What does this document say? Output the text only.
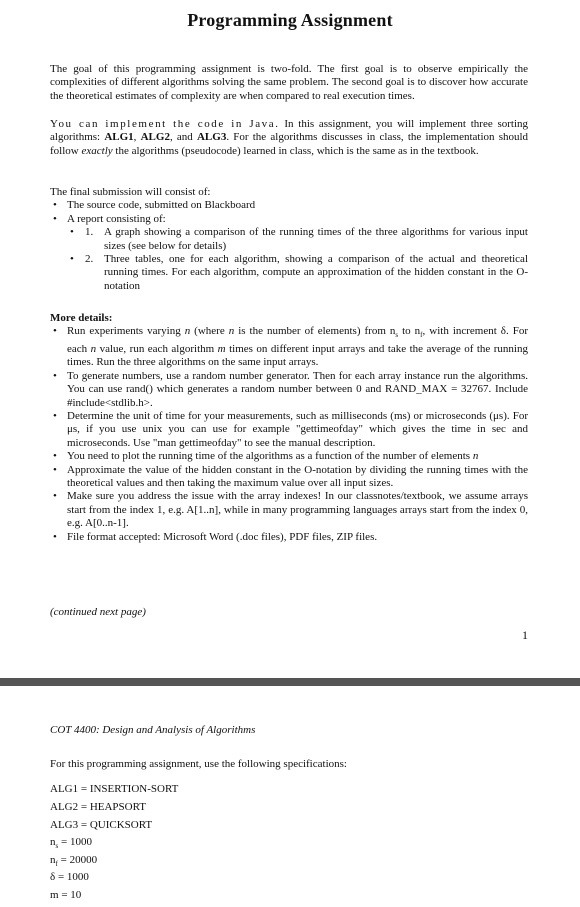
Programming Assignment

The goal of this programming assignment is two-fold. The first goal is to observe empirically the complexities of different algorithms solving the same problem. The second goal is to discover how accurate the theoretical estimates of complexity are when compared to real execution times.

You can implement the code in Java. In this assignment, you will implement three sorting algorithms: ALG1, ALG2, and ALG3. For the algorithms discusses in class, the implementation should follow exactly the algorithms (pseudocode) learned in class, which is the same as in the textbook.

The final submission will consist of:

• The source code, submitted on Blackboard
• A report consisting of:
• 1. A graph showing a comparison of the running times of the three algorithms for various input sizes (see below for details)
• 2. Three tables, one for each algorithm, showing a comparison of the actual and theoretical running times. For each algorithm, compute an approximation of the hidden constant in the O-notation

More details:

• Run experiments varying n (where n is the number of elements) from $n_s$ to $n_f$, with increment δ. For each n value, run each algorithm m times on different input arrays and take the average of the running times. Run the three algorithms on the same input arrays.
• To generate numbers, use a random number generator. Then for each array instance run the algorithms. You can use rand() which generates a random number between 0 and RAND_MAX = 32767. Include #include<stdlib.h>.
• Determine the unit of time for your measurements, such as milliseconds (ms) or microseconds (μs). For μs, if you use unix you can use for example "gettimeofday" which gives the time in sec and microseconds. Use "man gettimeofday" to see the manual description.
• You need to plot the running time of the algorithms as a function of the number of elements n
• Approximate the value of the hidden constant in the O-notation by dividing the running times with the theoretical values and then taking the maximum value over all input sizes.
• Make sure you address the issue with the array indexes! In our classnotes/textbook, we assume arrays start from the index 1, e.g. A[1..n], while in many programming languages arrays start from the index 0, e.g. A[0..n-1].
• File format accepted: Microsoft Word (.doc files), PDF files, ZIP files.
(continued next page)
1
COT 4400: Design and Analysis of Algorithms
For this programming assignment, use the following specifications:
ALG1 = INSERTION-SORT
ALG2 = HEAPSORT
ALG3 = QUICKSORT
$n_s = 1000$
$n_f = 20000$
δ = 1000
m = 10
